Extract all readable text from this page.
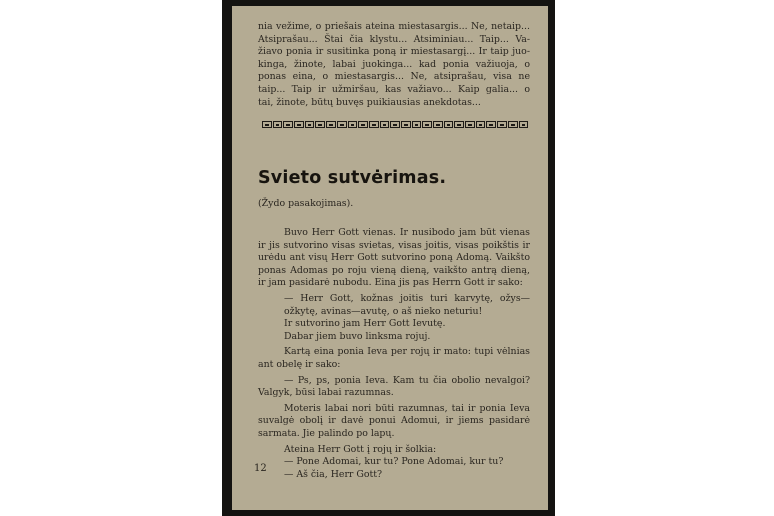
nia vežime, o priešais ateina miestasargis... Ne, netaip...
Atsiprašau... Štai čia klystu... Atsiminiau... Taip... Va-
žiavo ponia ir susitinka poną ir miestasargį... Ir taip juo-
kinga, žinote, labai juokinga... kad ponia važiuoja, o
ponas eina, o miestasargis... Ne, atsiprašau, visa ne
taip... Taip ir užmiršau, kas važiavo... Kaip galia... o
tai, žinote, būtų buvęs puikiausias anekdotas...
Svieto sutvėrimas.
(Žydo pasakojimas).

Buvo Herr Gott vienas. Ir nusibodo jam būt vienas ir jis sutvorino visas svietas, visas joitis, visas poikštis ir urėdu ant visų Herr Gott sutvorino poną Adomą. Vaikšto ponas Adomas po roju vieną dieną, vaikšto antrą dieną, ir jam pasidarė nubodu. Eina jis pas Herrn Gott ir sako:

— Herr Gott, kožnas joitis turi karvytę, ožys— ožkytę, avinas—avutę, o aš nieko neturiu!

Ir sutvorino jam Herr Gott Ievutę.

Dabar jiem buvo linksma rojuj.

Kartą eina ponia Ieva per rojų ir mato: tupi vėlnias ant obelę ir sako:

— Ps, ps, ponia Ieva. Kam tu čia obolio nevalgoi? Valgyk, būsi labai razumnas.

Moteris labai nori būti razumnas, tai ir ponia Ieva suvalgė obolį ir davė ponui Adomui, ir jiems pasidarė sarmata. Jie palindo po lapų.

Ateina Herr Gott į rojų ir šolkia:

— Pone Adomai, kur tu? Pone Adomai, kur tu?

— Aš čia, Herr Gott?

12
